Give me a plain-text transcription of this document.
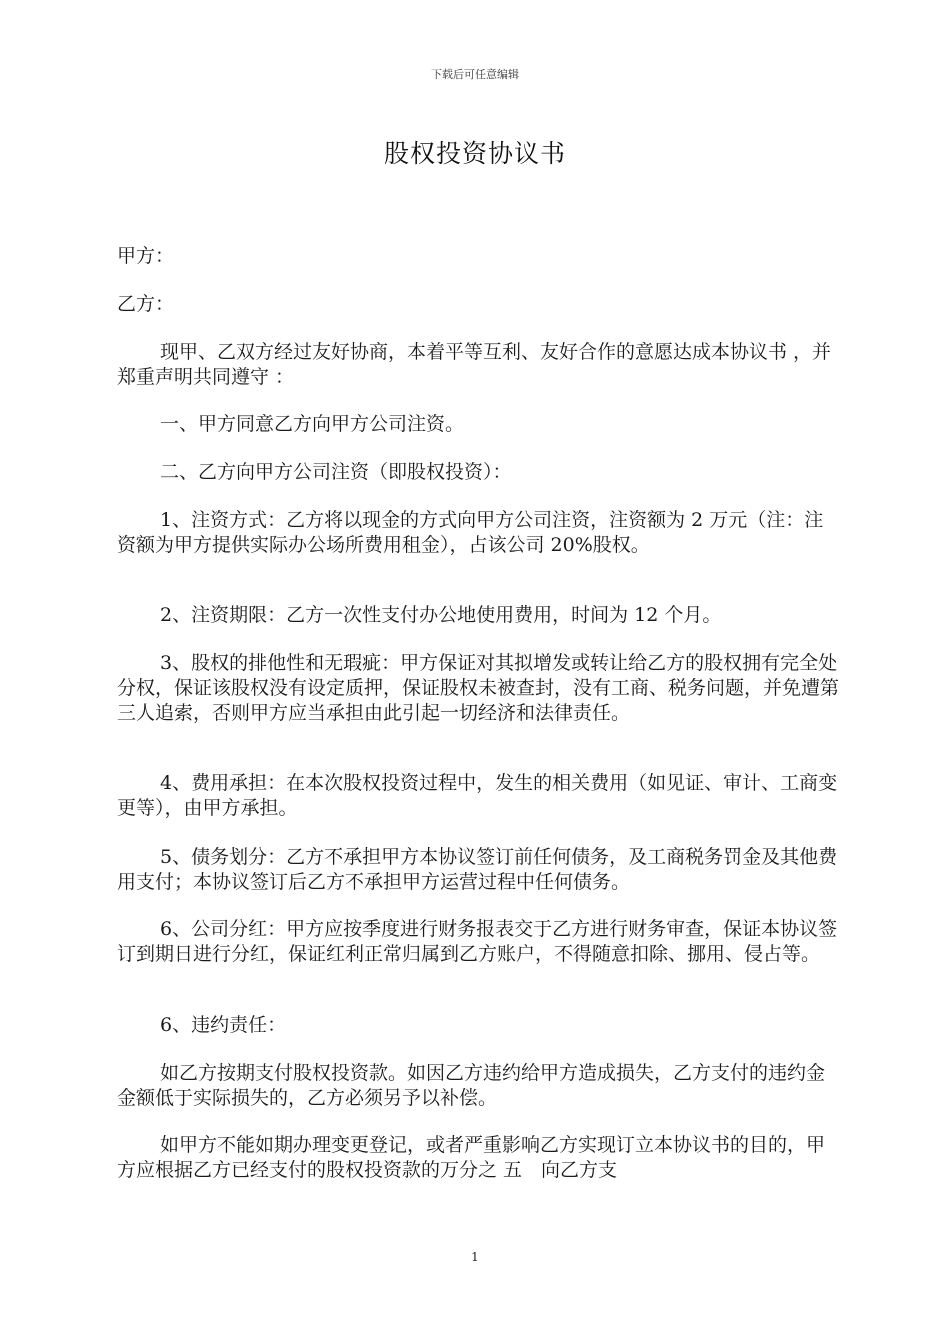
下载后可任意编辑
股权投资协议书
甲方：
乙方：
现甲、乙双方经过友好协商，本着平等互利、友好合作的意愿达成本协议书 ，并郑重声明共同遵守 ：
一、甲方同意乙方向甲方公司注资。
二、乙方向甲方公司注资（即股权投资）：
1、注资方式：乙方将以现金的方式向甲方公司注资，注资额为 2 万元（注：注资额为甲方提供实际办公场所费用租金），占该公司 20%股权。
2、注资期限：乙方一次性支付办公地使用费用，时间为 12 个月。
3、股权的排他性和无瑕疵：甲方保证对其拟增发或转让给乙方的股权拥有完全处分权，保证该股权没有设定质押，保证股权未被查封，没有工商、税务问题，并免遭第三人追索，否则甲方应当承担由此引起一切经济和法律责任。
4、费用承担：在本次股权投资过程中，发生的相关费用（如见证、审计、工商变更等），由甲方承担。
5、债务划分：乙方不承担甲方本协议签订前任何债务，及工商税务罚金及其他费用支付；本协议签订后乙方不承担甲方运营过程中任何债务。
6、公司分红：甲方应按季度进行财务报表交于乙方进行财务审查，保证本协议签订到期日进行分红，保证红利正常归属到乙方账户，不得随意扣除、挪用、侵占等。
6、违约责任：
如乙方按期支付股权投资款。如因乙方违约给甲方造成损失，乙方支付的违约金金额低于实际损失的，乙方必须另予以补偿。
如甲方不能如期办理变更登记，或者严重影响乙方实现订立本协议书的目的，甲方应根据乙方已经支付的股权投资款的万分之 五　向乙方支
1
